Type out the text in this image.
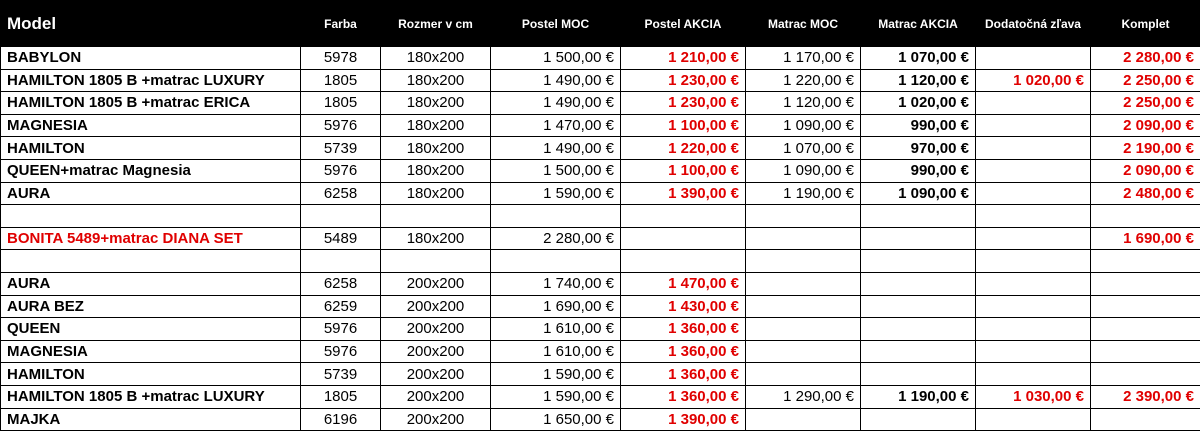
Model	Farba	Rozmer v cm	Postel MOC	Postel AKCIA	Matrac MOC	Matrac AKCIA	Dodatočná zľava	Komplet
BABYLON	5978	180x200	1 500,00 €	1 210,00 €	1 170,00 €	1 070,00 €		2 280,00 €
HAMILTON 1805 B +matrac LUXURY	1805	180x200	1 490,00 €	1 230,00 €	1 220,00 €	1 120,00 €	1 020,00 €	2 250,00 €
HAMILTON 1805 B +matrac ERICA	1805	180x200	1 490,00 €	1 230,00 €	1 120,00 €	1 020,00 €		2 250,00 €
MAGNESIA	5976	180x200	1 470,00 €	1 100,00 €	1 090,00 €	990,00 €		2 090,00 €
HAMILTON	5739	180x200	1 490,00 €	1 220,00 €	1 070,00 €	970,00 €		2 190,00 €
QUEEN+matrac Magnesia	5976	180x200	1 500,00 €	1 100,00 €	1 090,00 €	990,00 €		2 090,00 €
AURA	6258	180x200	1 590,00 €	1 390,00 €	1 190,00 €	1 090,00 €		2 480,00 €

BONITA 5489+matrac DIANA SET	5489	180x200	2 280,00 €					1 690,00 €

AURA	6258	200x200	1 740,00 €	1 470,00 €				
AURA BEZ	6259	200x200	1 690,00 €	1 430,00 €				
QUEEN	5976	200x200	1 610,00 €	1 360,00 €				
MAGNESIA	5976	200x200	1 610,00 €	1 360,00 €				
HAMILTON	5739	200x200	1 590,00 €	1 360,00 €				
HAMILTON 1805 B +matrac LUXURY	1805	200x200	1 590,00 €	1 360,00 €	1 290,00 €	1 190,00 €	1 030,00 €	2 390,00 €
MAJKA	6196	200x200	1 650,00 €	1 390,00 €				
